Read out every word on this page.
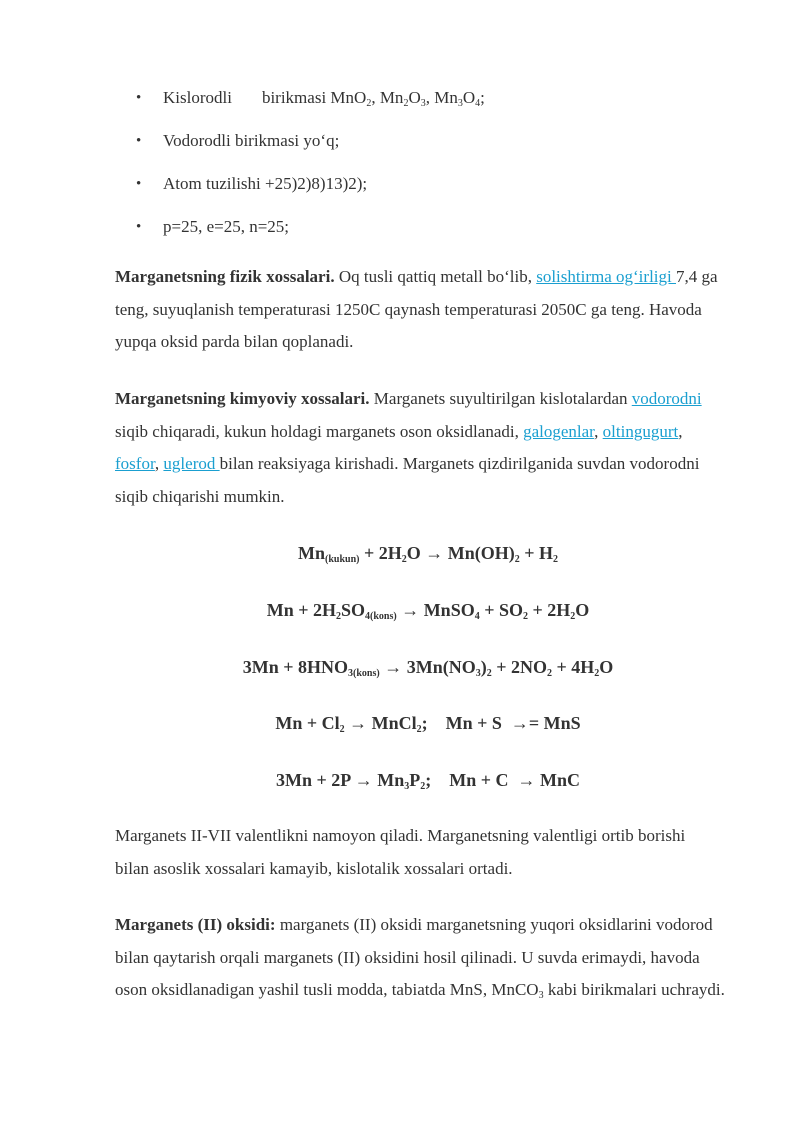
• Kislorodli birikmasi MnO$_2$, $Mn_2O_3$, $Mn_3O_4$;
• Vodorodli birikmasi yo‘q;
• Atom tuzilishi +25)2)8)13)2);
• p=25, e=25, n=25;

Marganetsning fizik xossalari. Oq tusli qattiq metall bo‘lib, solishtirma og‘irligi 7,4 ga teng, suyuqlanish temperaturasi 1250C qaynash temperaturasi 2050C ga teng. Havoda yupqa oksid parda bilan qoplanadi.

Marganetsning kimyoviy xossalari. Marganets suyultirilgan kislotalardan vodorodni siqib chiqaradi, kukun holdagi marganets oson oksidlanadi, galogenlar, oltingugurt, fosfor, uglerod bilan reaksiyaga kirishadi. Marganets qizdirilganida suvdan vodorodni siqib chiqarishi mumkin.

$Mn_{(kukun)} + 2H_2O \to Mn(OH)_2 + H_2$
$Mn + 2H_2SO_{4(kons)}$ → MnSO$_4$ + $SO_2 + 2H_2O$
$3Mn + 8HNO_{3(kons)} \to 3Mn(NO_3)_2 + 2NO_2 + 4H_2O$
$Mn + Cl_2$ → MnCl$_2$;    Mn + S  →= MnS
$3Mn + 2P \to Mn_3P_2$;    Mn + C  → MnC

Marganets II-VII valentlikni namoyon qiladi. Marganetsning valentligi ortib borishi bilan asoslik xossalari kamayib, kislotalik xossalari ortadi.

Marganets (II) oksidi: marganets (II) oksidi marganetsning yuqori oksidlarini vodorod bilan qaytarish orqali marganets (II) oksidini hosil qilinadi. U suvda erimaydi, havoda oson oksidlanadigan yashil tusli modda, tabiatda MnS, MnCO$_3$ kabi birikmalari uchraydi.
